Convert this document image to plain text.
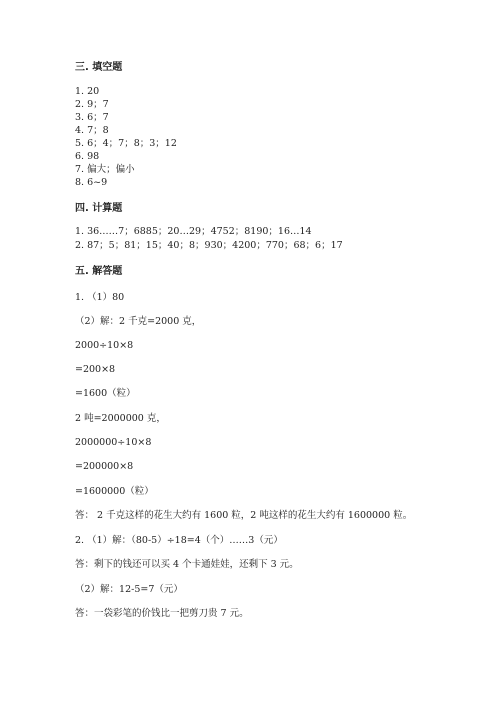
三. 填空题
1. 20
2. 9；7
3. 6；7
4. 7；8
5. 6；4；7；8；3；12
6. 98
7. 偏大；偏小
8. 6~9
四. 计算题
1. 36……7；6885；20…29；4752；8190；16…14
2. 87；5；81；15；40；8；930；4200；770；68；6；17
五. 解答题
1. （1）80
（2）解：2 千克=2000 克，
2000÷10×8
=200×8
=1600（粒）
2 吨=2000000 克，
2000000÷10×8
=200000×8
=1600000（粒）
答： 2 千克这样的花生大约有 1600 粒，2 吨这样的花生大约有 1600000 粒。
2. （1）解：（80-5）÷18=4（个）……3（元）
答：剩下的钱还可以买 4 个卡通娃娃，还剩下 3 元。
（2）解：12-5=7（元）
答：一袋彩笔的价钱比一把剪刀贵 7 元。
